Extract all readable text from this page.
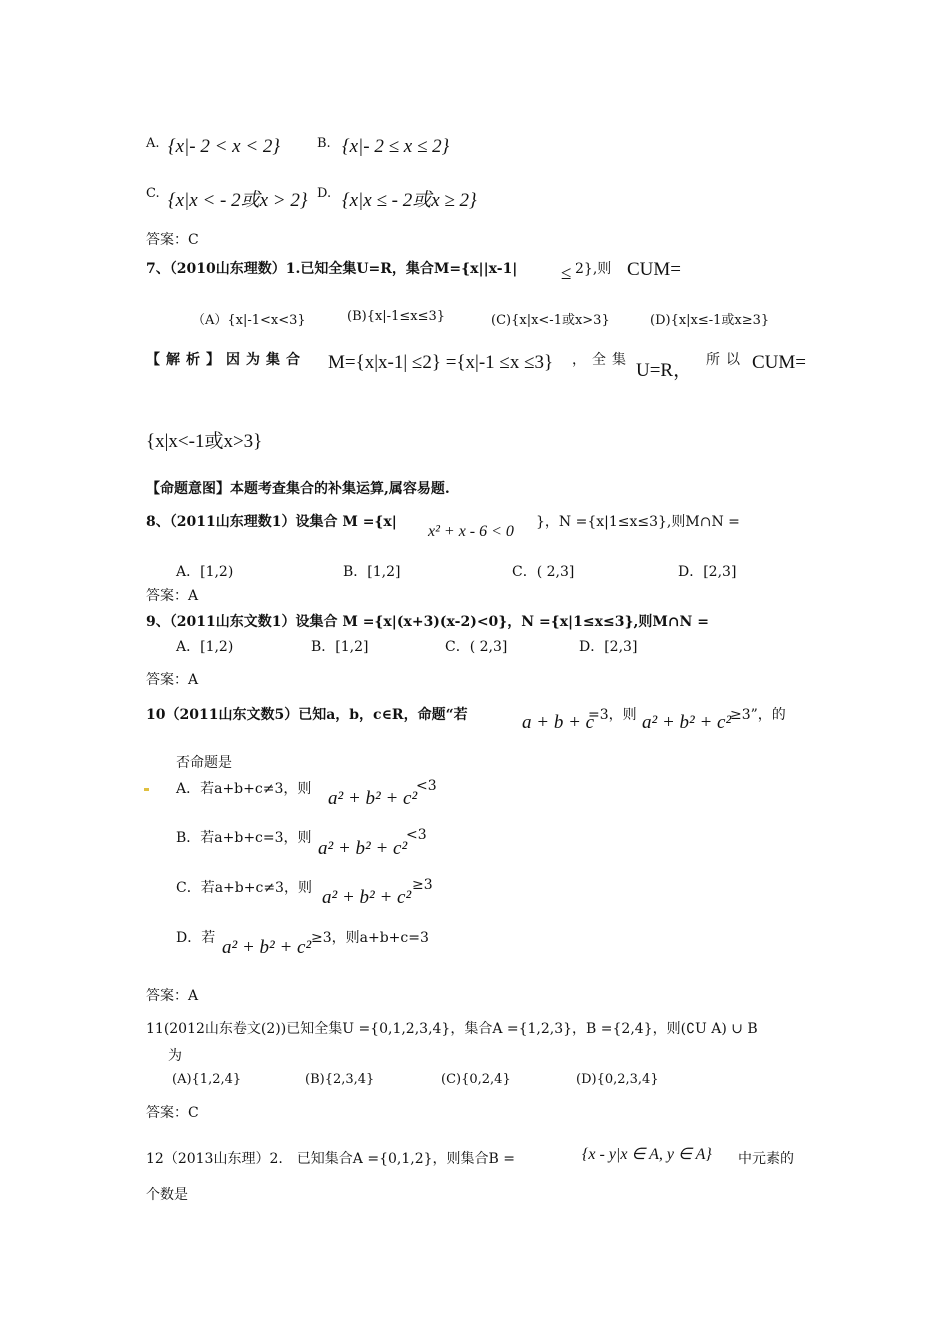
A. {x|- 2 < x < 2}	B. {x|- 2 ≤ x ≤ 2}
C. {x|x < - 2或x > 2} D. {x|x ≤ - 2或x ≥ 2}
答案：C
7、（2010山东理数）1.已知全集U=R，集合M={x||x-1| ≤ 2},则 CUM=
（A）{x|-1<x<3}	(B){x|-1≤x≤3}	(C){x|x<-1或x>3}	(D){x|x≤-1或x≥3}
【解析】因为集合 M={x|x-1| ≤2} ={x|-1 ≤x ≤3} ，全集 U=R， 所以 CUM=
{x|x<-1或x>3}
【命题意图】本题考查集合的补集运算,属容易题.
8、（2011山东理数1）设集合 M ={x|
x² + x - 6 < 0
}，N ={x|1≤x≤3},则M∩N =
A．[1,2)	B．[1,2]	C．( 2,3]	D．[2,3]
答案：A
9、（2011山东文数1）设集合 M ={x|(x+3)(x-2)<0}，N ={x|1≤x≤3},则M∩N =
A．[1,2)	B．[1,2]	C．( 2,3]	D．[2,3]
答案：A
10（2011山东文数5）已知a，b，c∈R，命题“若	a + b + c
=3，则 a² + b² + c²
≥3”，的
否命题是
A．若a+b+c≠3，则 a² + b² + c²
<3
B．若a+b+c=3，则 a² + b² + c²
<3
C．若a+b+c≠3，则 a² + b² + c²
≥3
D．若 a² + b² + c² ≥3，则a+b+c=3
答案：A
11(2012山东卷文(2))已知全集U ={0,1,2,3,4}，集合A ={1,2,3}，B ={2,4}，则(∁U A) ∪ B
为
(A){1,2,4}	(B){2,3,4}	(C){0,2,4}	(D){0,2,3,4}
答案：C
12（2013山东理）2.　已知集合A ={0,1,2}，则集合B =	{x - y|x ∈ A, y ∈ A} 中元素的
个数是
